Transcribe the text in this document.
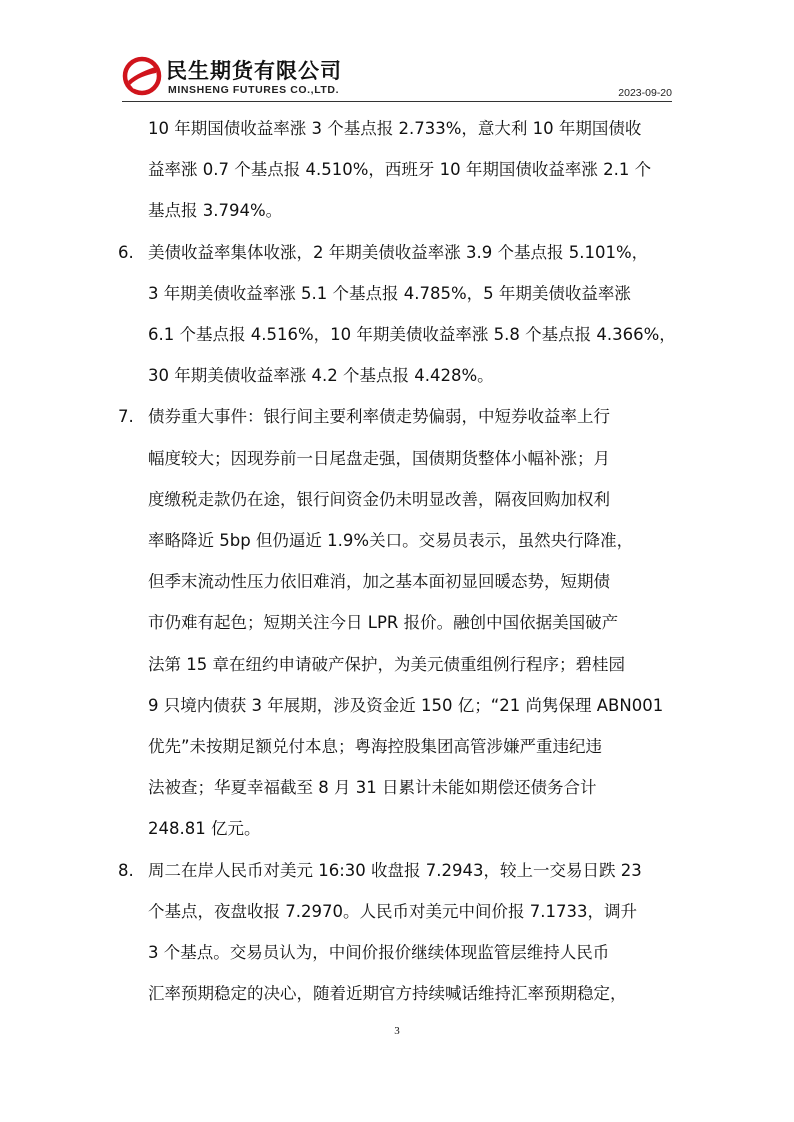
民生期货有限公司
MINSHENG FUTURES CO.,LTD.	2023-09-20

10 年期国债收益率涨 3 个基点报 2.733%，意大利 10 年期国债收
益率涨 0.7 个基点报 4.510%，西班牙 10 年期国债收益率涨 2.1 个
基点报 3.794%。

6. 美债收益率集体收涨，2 年期美债收益率涨 3.9 个基点报 5.101%，
3 年期美债收益率涨 5.1 个基点报 4.785%，5 年期美债收益率涨
6.1 个基点报 4.516%，10 年期美债收益率涨 5.8 个基点报 4.366%，
30 年期美债收益率涨 4.2 个基点报 4.428%。

7. 债券重大事件：银行间主要利率债走势偏弱，中短券收益率上行
幅度较大；因现券前一日尾盘走强，国债期货整体小幅补涨；月
度缴税走款仍在途，银行间资金仍未明显改善，隔夜回购加权利
率略降近 5bp 但仍逼近 1.9%关口。交易员表示，虽然央行降准，
但季末流动性压力依旧难消，加之基本面初显回暖态势，短期债
市仍难有起色；短期关注今日 LPR 报价。融创中国依据美国破产
法第 15 章在纽约申请破产保护，为美元债重组例行程序；碧桂园
9 只境内债获 3 年展期，涉及资金近 150 亿；“21 尚隽保理 ABN001
优先”未按期足额兑付本息；粤海控股集团高管涉嫌严重违纪违
法被查；华夏幸福截至 8 月 31 日累计未能如期偿还债务合计
248.81 亿元。

8. 周二在岸人民币对美元 16:30 收盘报 7.2943，较上一交易日跌 23
个基点，夜盘收报 7.2970。人民币对美元中间价报 7.1733，调升
3 个基点。交易员认为，中间价报价继续体现监管层维持人民币
汇率预期稳定的决心，随着近期官方持续喊话维持汇率预期稳定，

3
